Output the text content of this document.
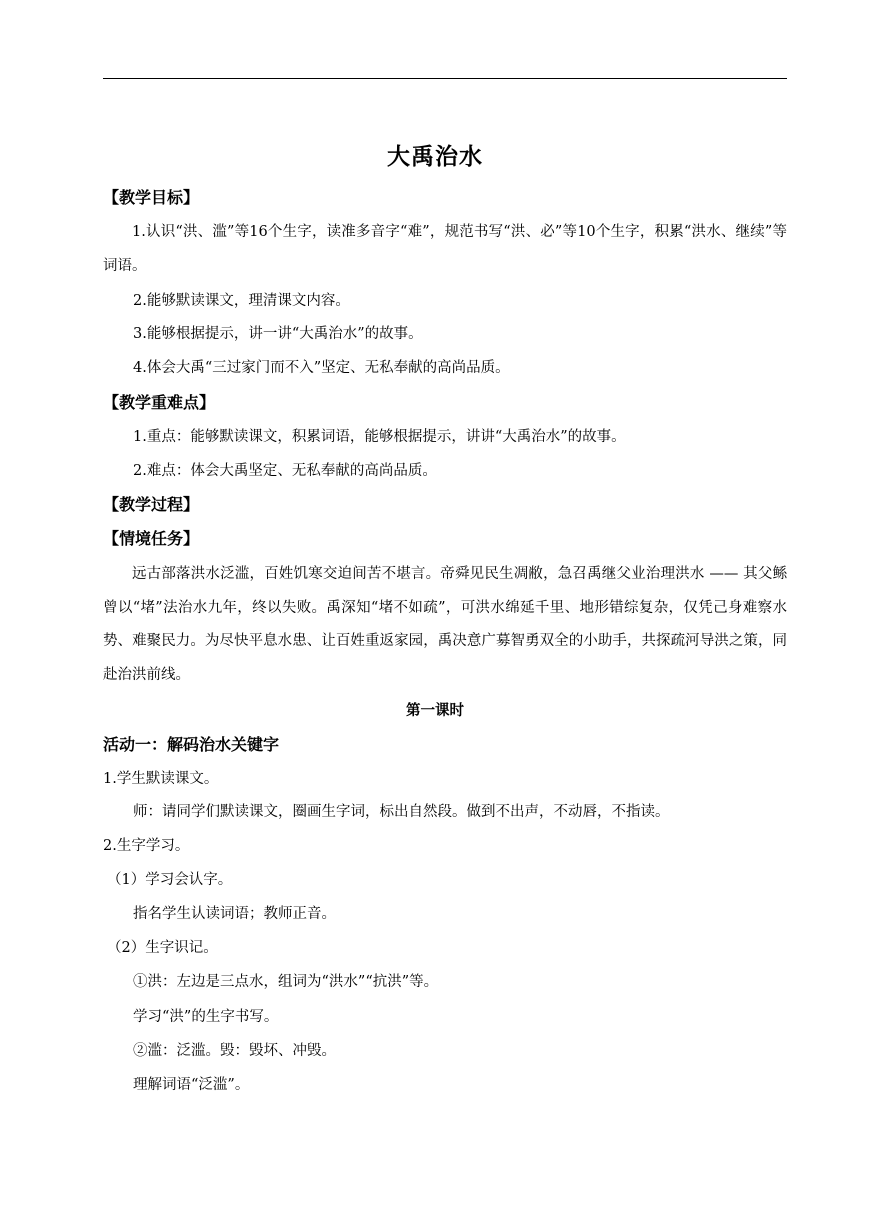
大禹治水
【教学目标】

1.认识“洪、滥”等16个生字，读准多音字“难”，规范书写“洪、必”等10个生字，积累“洪水、继续”等词语。

2.能够默读课文，理清课文内容。

3.能够根据提示，讲一讲“大禹治水”的故事。

4.体会大禹“三过家门而不入”坚定、无私奉献的高尚品质。

【教学重难点】

1.重点：能够默读课文，积累词语，能够根据提示，讲讲“大禹治水”的故事。

2.难点：体会大禹坚定、无私奉献的高尚品质。

【教学过程】
【情境任务】

远古部落洪水泛滥，百姓饥寒交迫间苦不堪言。帝舜见民生凋敝，急召禹继父业治理洪水 —— 其父鲧曾以“堵”法治水九年，终以失败。禹深知“堵不如疏”，可洪水绵延千里、地形错综复杂，仅凭己身难察水势、难聚民力。为尽快平息水患、让百姓重返家园，禹决意广募智勇双全的小助手，共探疏河导洪之策，同赴治洪前线。

第一课时
活动一：解码治水关键字

1.学生默读课文。

师：请同学们默读课文，圈画生字词，标出自然段。做到不出声，不动唇，不指读。

2.生字学习。

（1）学习会认字。

指名学生认读词语；教师正音。

（2）生字识记。

①洪：左边是三点水，组词为“洪水”“抗洪”等。

学习“洪”的生字书写。

②滥：泛滥。毁：毁坏、冲毁。

理解词语“泛滥”。
